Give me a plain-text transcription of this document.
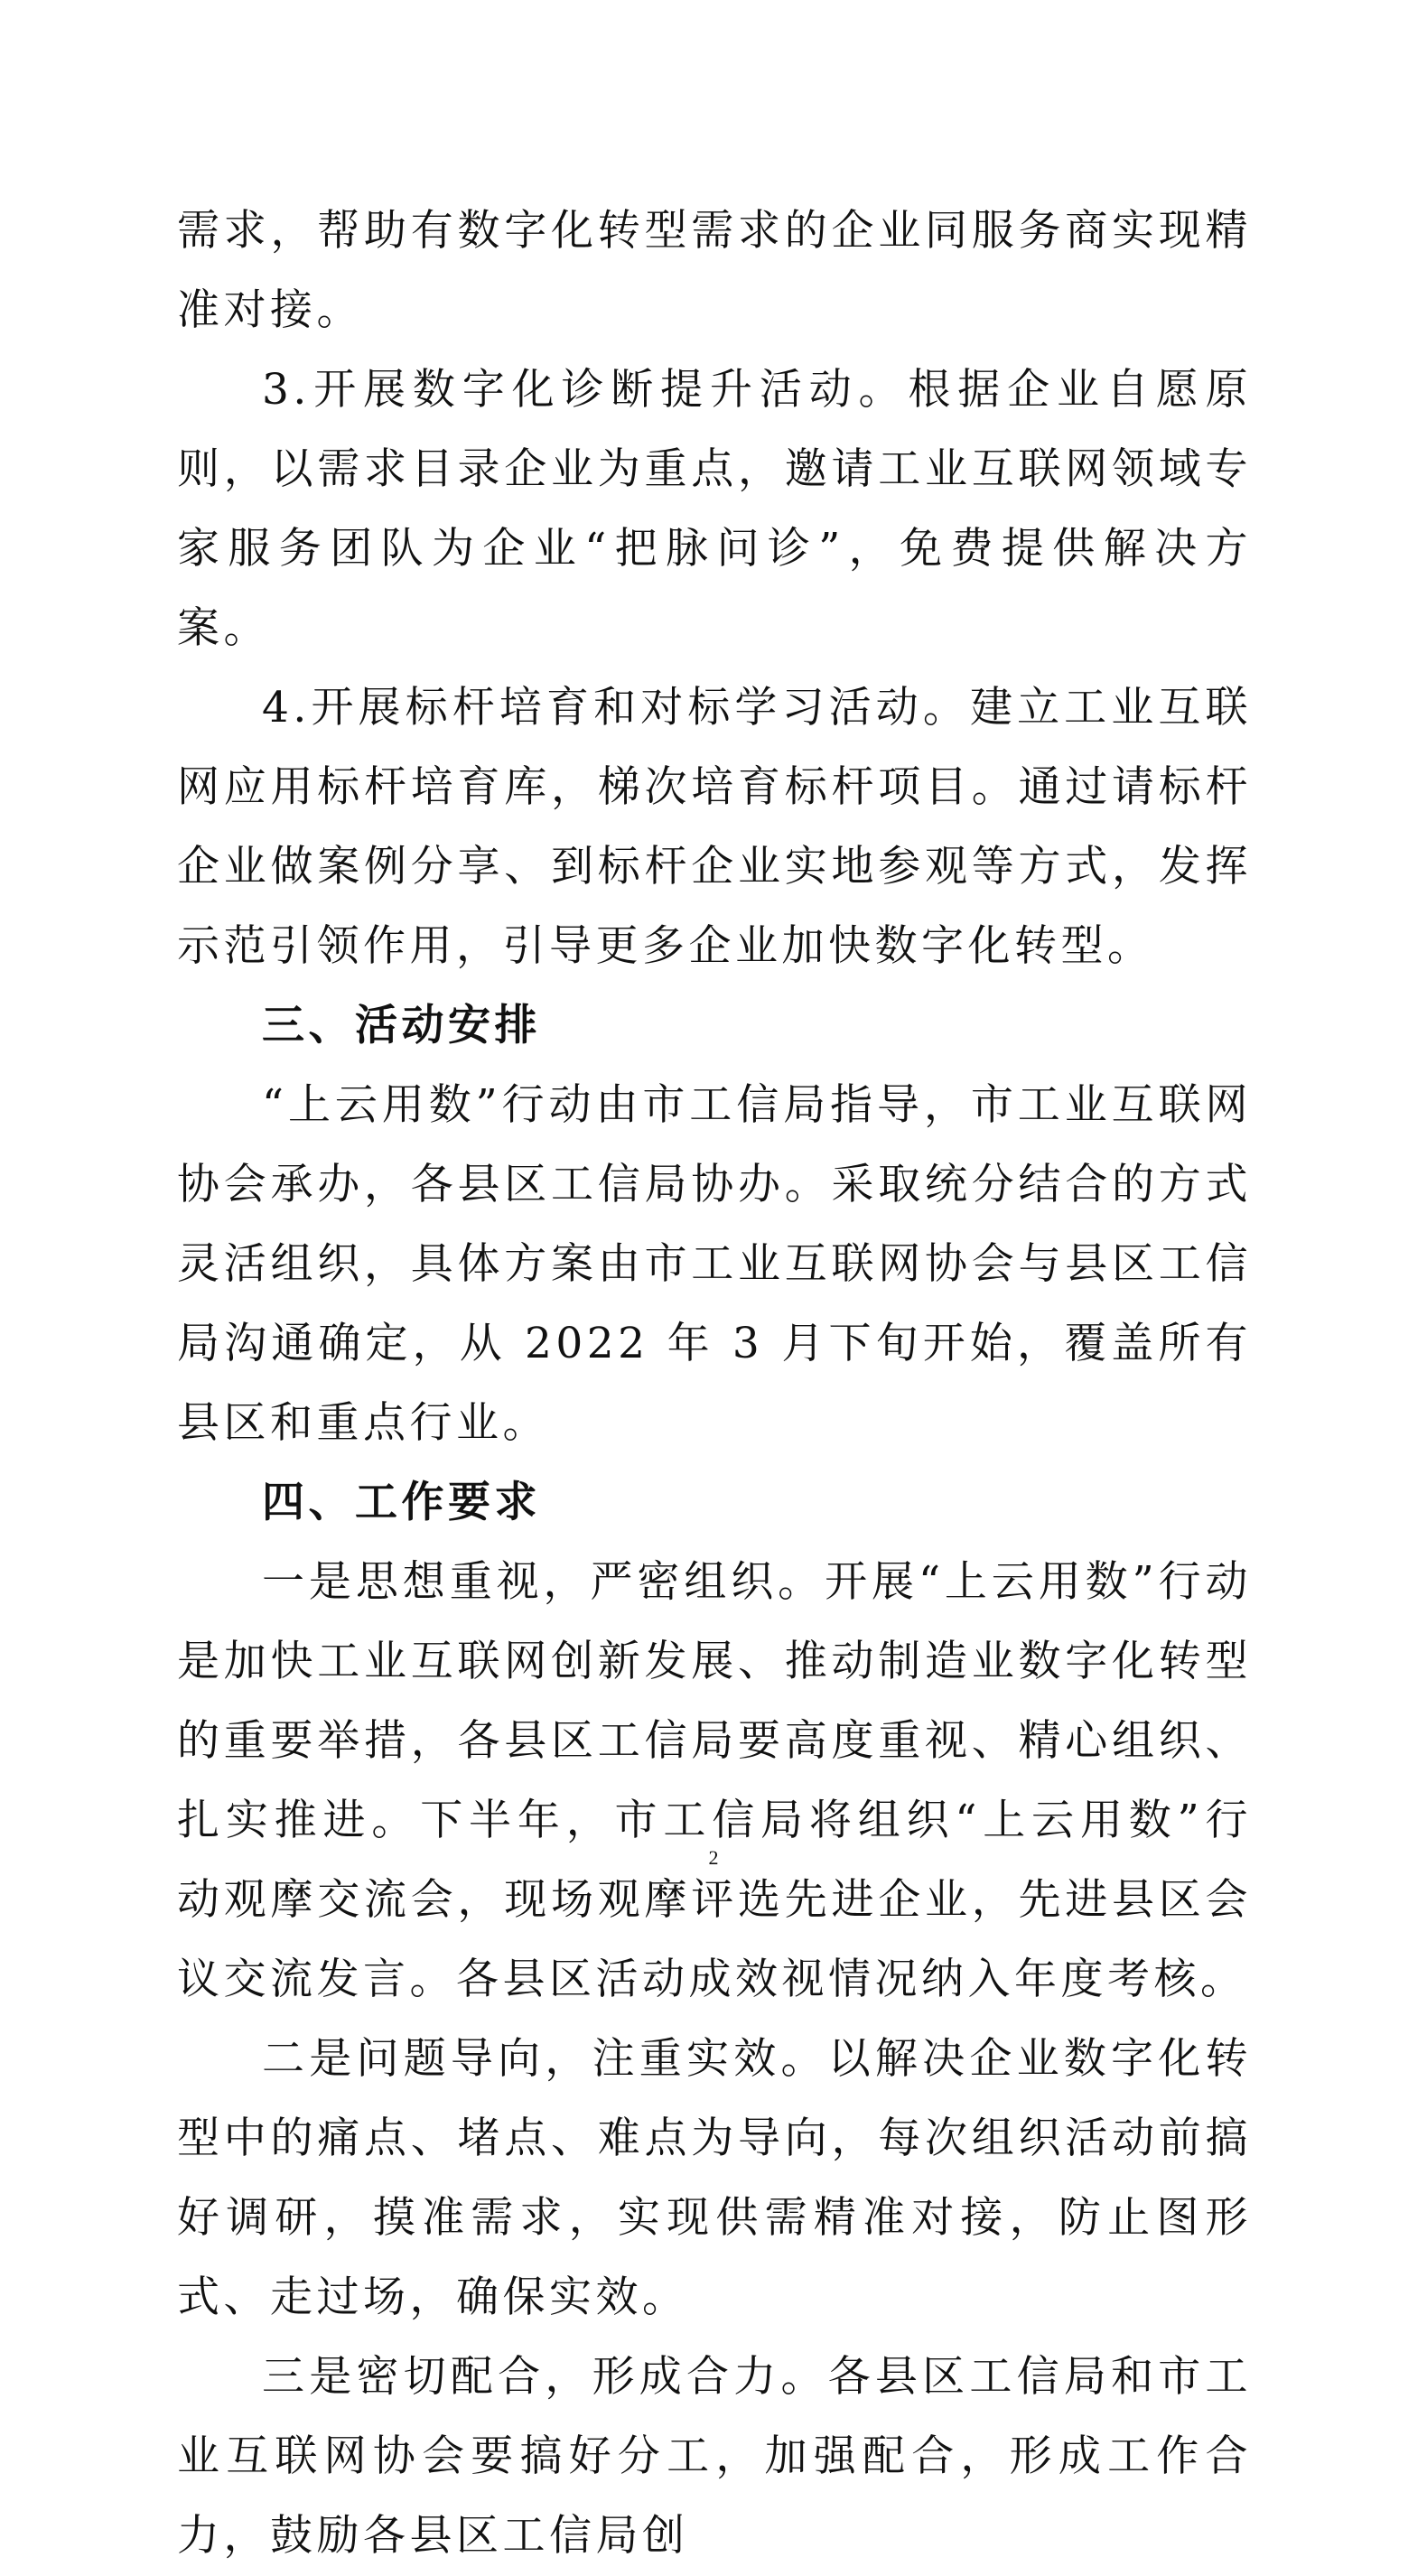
需求，帮助有数字化转型需求的企业同服务商实现精准对接。

3.开展数字化诊断提升活动。根据企业自愿原则，以需求目录企业为重点，邀请工业互联网领域专家服务团队为企业“把脉问诊”，免费提供解决方案。

4.开展标杆培育和对标学习活动。建立工业互联网应用标杆培育库，梯次培育标杆项目。通过请标杆企业做案例分享、到标杆企业实地参观等方式，发挥示范引领作用，引导更多企业加快数字化转型。

三、活动安排

“上云用数”行动由市工信局指导，市工业互联网协会承办，各县区工信局协办。采取统分结合的方式灵活组织，具体方案由市工业互联网协会与县区工信局沟通确定，从 2022 年 3 月下旬开始，覆盖所有县区和重点行业。

四、工作要求

一是思想重视，严密组织。开展“上云用数”行动是加快工业互联网创新发展、推动制造业数字化转型的重要举措，各县区工信局要高度重视、精心组织、扎实推进。下半年，市工信局将组织“上云用数”行动观摩交流会，现场观摩评选先进企业，先进县区会议交流发言。各县区活动成效视情况纳入年度考核。

二是问题导向，注重实效。以解决企业数字化转型中的痛点、堵点、难点为导向，每次组织活动前搞好调研，摸准需求，实现供需精准对接，防止图形式、走过场，确保实效。

三是密切配合，形成合力。各县区工信局和市工业互联网协会要搞好分工，加强配合，形成工作合力，鼓励各县区工信局创

2
